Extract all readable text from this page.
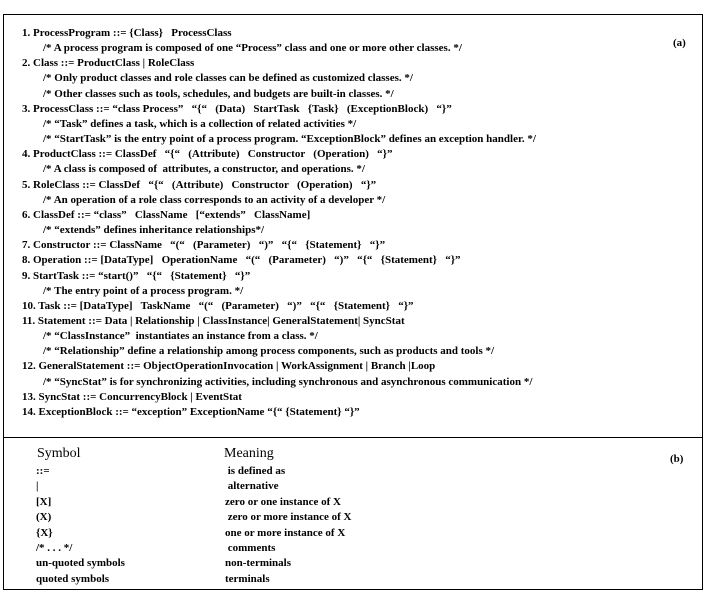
(a)
(b)
1. ProcessProgram ::= {Class}   ProcessClass
/* A process program is composed of one “Process” class and one or more other classes. */
2. Class ::= ProductClass | RoleClass
/* Only product classes and role classes can be defined as customized classes. */
/* Other classes such as tools, schedules, and budgets are built-in classes. */
3. ProcessClass ::= “class Process”   “{“   (Data)   StartTask   {Task}   (ExceptionBlock)   “}”
/* “Task” defines a task, which is a collection of related activities */
/* “StartTask” is the entry point of a process program. “ExceptionBlock” defines an exception handler. */
4. ProductClass ::= ClassDef   “{“   (Attribute)   Constructor   (Operation)   “}”
/* A class is composed of  attributes, a constructor, and operations. */
5. RoleClass ::= ClassDef   “{“   (Attribute)   Constructor   (Operation)   “}”
/* An operation of a role class corresponds to an activity of a developer */
6. ClassDef ::= “class”   ClassName   [“extends”   ClassName]
/* “extends” defines inheritance relationships*/
7. Constructor ::= ClassName   “(“   (Parameter)   “)”   “{“   {Statement}   “}”
8. Operation ::= [DataType]   OperationName   “(“   (Parameter)   “)”   “{“   {Statement}   “}”
9. StartTask ::= “start()”   “{“   {Statement}   “}”
/* The entry point of a process program. */
10. Task ::= [DataType]   TaskName   “(“   (Parameter)   “)”   “{“   {Statement}   “}”
11. Statement ::= Data | Relationship | ClassInstance| GeneralStatement| SyncStat
/* “ClassInstance”  instantiates an instance from a class. */
/* “Relationship” define a relationship among process components, such as products and tools */
12. GeneralStatement ::= ObjectOperationInvocation | WorkAssignment | Branch |Loop
/* “SyncStat” is for synchronizing activities, including synchronous and asynchronous communication */
13. SyncStat ::= ConcurrencyBlock | EventStat
14. ExceptionBlock ::= “exception” ExceptionName “{“ {Statement} “}”
Symbol	Meaning
::=	is defined as
|	alternative
[X]	zero or one instance of X
(X)	zero or more instance of X
{X}	one or more instance of X
/* . . . */	comments
un-quoted symbols	non-terminals
quoted symbols	terminals
